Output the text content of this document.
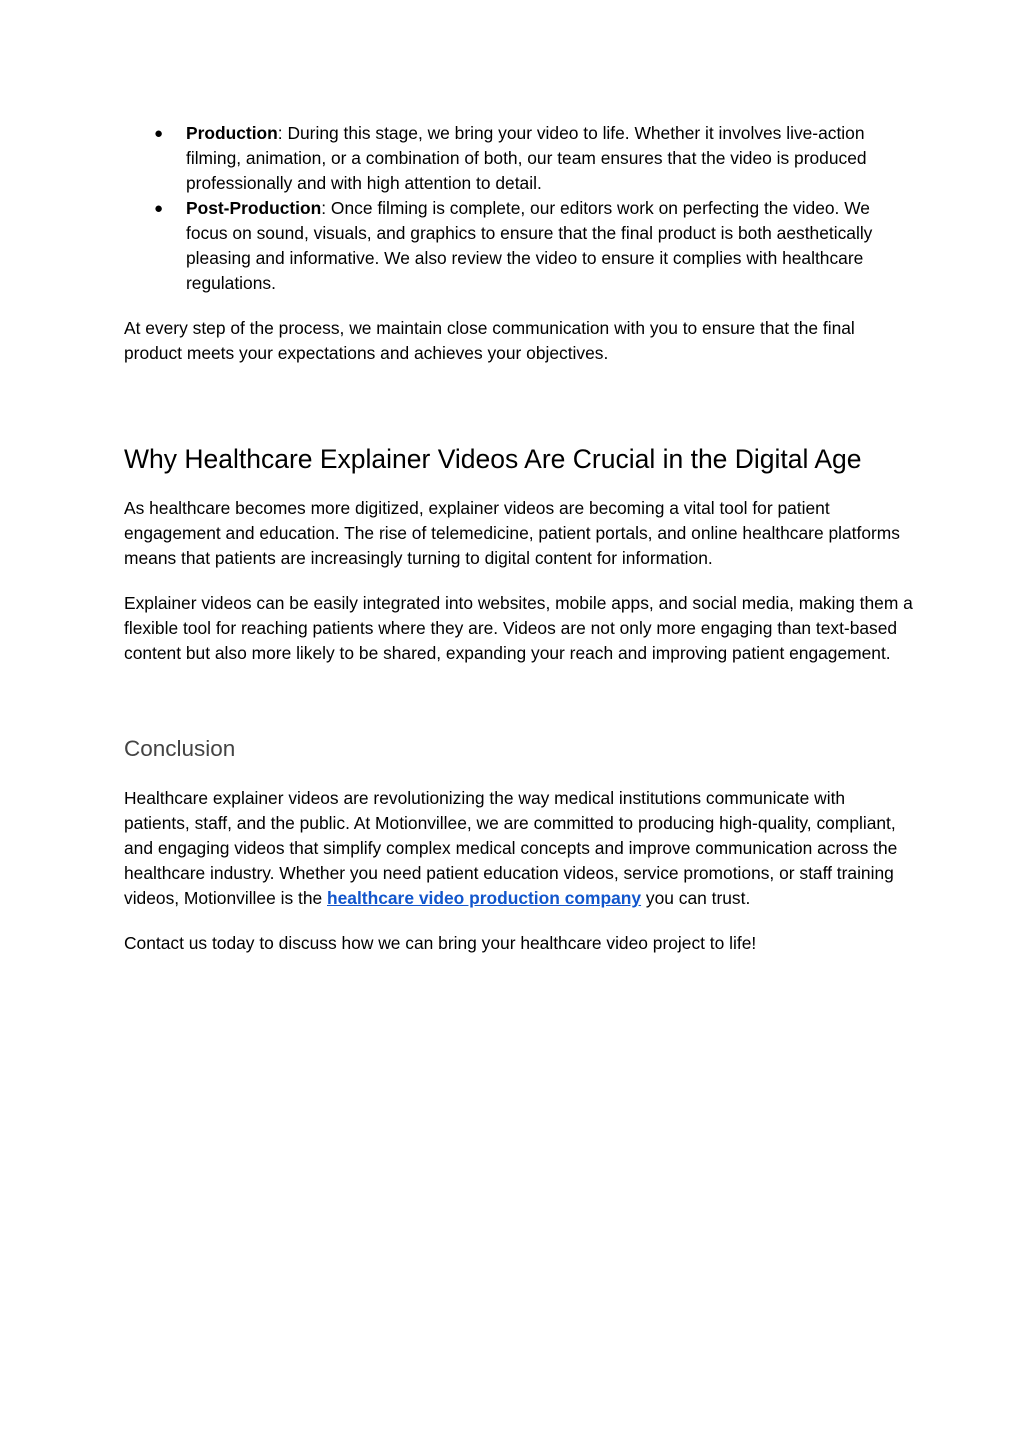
● Production: During this stage, we bring your video to life. Whether it involves live-action filming, animation, or a combination of both, our team ensures that the video is produced professionally and with high attention to detail.
● Post-Production: Once filming is complete, our editors work on perfecting the video. We focus on sound, visuals, and graphics to ensure that the final product is both aesthetically pleasing and informative. We also review the video to ensure it complies with healthcare regulations.

At every step of the process, we maintain close communication with you to ensure that the final product meets your expectations and achieves your objectives.

Why Healthcare Explainer Videos Are Crucial in the Digital Age

As healthcare becomes more digitized, explainer videos are becoming a vital tool for patient engagement and education. The rise of telemedicine, patient portals, and online healthcare platforms means that patients are increasingly turning to digital content for information.

Explainer videos can be easily integrated into websites, mobile apps, and social media, making them a flexible tool for reaching patients where they are. Videos are not only more engaging than text-based content but also more likely to be shared, expanding your reach and improving patient engagement.

Conclusion

Healthcare explainer videos are revolutionizing the way medical institutions communicate with patients, staff, and the public. At Motionvillee, we are committed to producing high-quality, compliant, and engaging videos that simplify complex medical concepts and improve communication across the healthcare industry. Whether you need patient education videos, service promotions, or staff training videos, Motionvillee is the healthcare video production company you can trust.

Contact us today to discuss how we can bring your healthcare video project to life!
